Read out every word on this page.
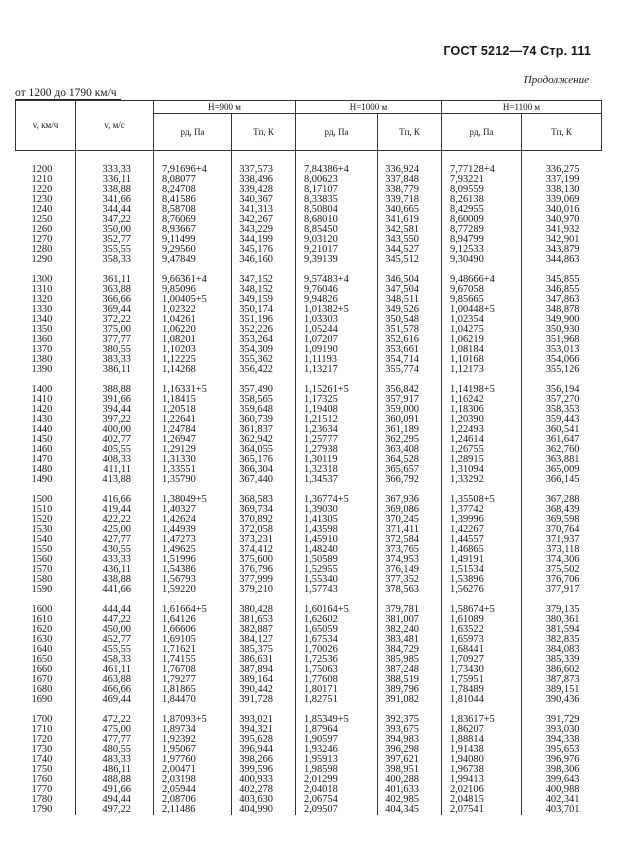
ГОСТ 5212—74 Стр. 111
Продолжение
от 1200 до 1790 км/ч
v, км/ч	v, м/с	H=900 м		H=1000 м		H=1100 м	
		pд, Па	Tп, К	pд, Па	Tп, К	pд, Па	Tп, К

1200	333,33	7,91696+4	337,573	7,84386+4	336,924	7,77128+4	336,275
1210	336,11	8,08077	338,496	8,00623	337,848	7,93221	337,199
1220	338,88	8,24708	339,428	8,17107	338,779	8,09559	338,130
1230	341,66	8,41586	340,367	8,33835	339,718	8,26138	339,069
1240	344,44	8,58708	341,313	8,50804	340,665	8,42955	340,016
1250	347,22	8,76069	342,267	8,68010	341,619	8,60009	340,970
1260	350,00	8,93667	343,229	8,85450	342,581	8,77289	341,932
1270	352,77	9,11499	344,199	9,03120	343,550	8,94799	342,901
1280	355,55	9,29560	345,176	9,21017	344,527	9,12533	343,879
1290	358,33	9,47849	346,160	9,39139	345,512	9,30490	344,863

1300	361,11	9,66361+4	347,152	9,57483+4	346,504	9,48666+4	345,855
1310	363,88	9,85096	348,152	9,76046	347,504	9,67058	346,855
1320	366,66	1,00405+5	349,159	9,94826	348,511	9,85665	347,863
1330	369,44	1,02322	350,174	1,01382+5	349,526	1,00448+5	348,878
1340	372,22	1,04261	351,196	1,03303	350,548	1,02354	349,900
1350	375,00	1,06220	352,226	1,05244	351,578	1,04275	350,930
1360	377,77	1,08201	353,264	1,07207	352,616	1,06219	351,968
1370	380,55	1,10203	354,309	1,09190	353,661	1,08184	353,013
1380	383,33	1,12225	355,362	1,11193	354,714	1,10168	354,066
1390	386,11	1,14268	356,422	1,13217	355,774	1,12173	355,126

1400	388,88	1,16331+5	357,490	1,15261+5	356,842	1,14198+5	356,194
1410	391,66	1,18415	358,565	1,17325	357,917	1,16242	357,270
1420	394,44	1,20518	359,648	1,19408	359,000	1,18306	358,353
1430	397,22	1,22641	360,739	1,21512	360,091	1,20390	359,443
1440	400,00	1,24784	361,837	1,23634	361,189	1,22493	360,541
1450	402,77	1,26947	362,942	1,25777	362,295	1,24614	361,647
1460	405,55	1,29129	364,055	1,27938	363,408	1,26755	362,760
1470	408,33	1,31330	365,176	1,30119	364,528	1,28915	363,881
1480	411,11	1,33551	366,304	1,32318	365,657	1,31094	365,009
1490	413,88	1,35790	367,440	1,34537	366,792	1,33292	366,145

1500	416,66	1,38049+5	368,583	1,36774+5	367,936	1,35508+5	367,288
1510	419,44	1,40327	369,734	1,39030	369,086	1,37742	368,439
1520	422,22	1,42624	370,892	1,41305	370,245	1,39996	369,598
1530	425,00	1,44939	372,058	1,43598	371,411	1,42267	370,764
1540	427,77	1,47273	373,231	1,45910	372,584	1,44557	371,937
1550	430,55	1,49625	374,412	1,48240	373,765	1,46865	373,118
1560	433,33	1,51996	375,600	1,50589	374,953	1,49191	374,306
1570	436,11	1,54386	376,796	1,52955	376,149	1,51534	375,502
1580	438,88	1,56793	377,999	1,55340	377,352	1,53896	376,706
1590	441,66	1,59220	379,210	1,57743	378,563	1,56276	377,917

1600	444,44	1,61664+5	380,428	1,60164+5	379,781	1,58674+5	379,135
1610	447,22	1,64126	381,653	1,62602	381,007	1,61089	380,361
1620	450,00	1,66606	382,887	1,65059	382,240	1,63522	381,594
1630	452,77	1,69105	384,127	1,67534	383,481	1,65973	382,835
1640	455,55	1,71621	385,375	1,70026	384,729	1,68441	384,083
1650	458,33	1,74155	386,631	1,72536	385,985	1,70927	385,339
1660	461,11	1,76708	387,894	1,75063	387,248	1,73430	386,602
1670	463,88	1,79277	389,164	1,77608	388,519	1,75951	387,873
1680	466,66	1,81865	390,442	1,80171	389,796	1,78489	389,151
1690	469,44	1,84470	391,728	1,82751	391,082	1,81044	390,436

1700	472,22	1,87093+5	393,021	1,85349+5	392,375	1,83617+5	391,729
1710	475,00	1,89734	394,321	1,87964	393,675	1,86207	393,030
1720	477,77	1,92392	395,628	1,90597	394,983	1,88814	394,338
1730	480,55	1,95067	396,944	1,93246	396,298	1,91438	395,653
1740	483,33	1,97760	398,266	1,95913	397,621	1,94080	396,976
1750	486,11	2,00471	399,596	1,98598	398,951	1,96738	398,306
1760	488,88	2,03198	400,933	2,01299	400,288	1,99413	399,643
1770	491,66	2,05944	402,278	2,04018	401,633	2,02106	400,988
1780	494,44	2,08706	403,630	2,06754	402,985	2,04815	402,341
1790	497,22	2,11486	404,990	2,09507	404,345	2,07541	403,701
